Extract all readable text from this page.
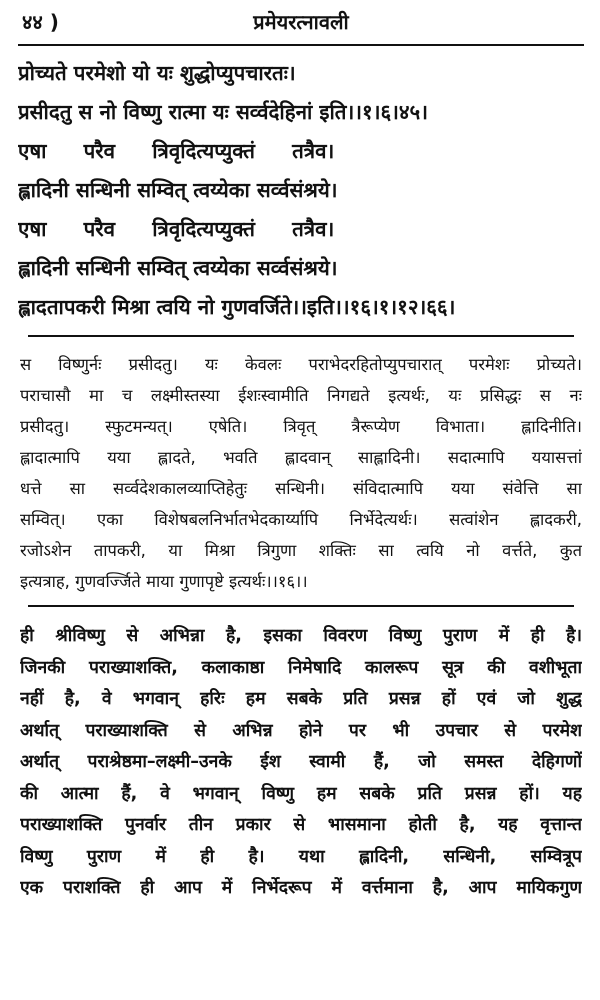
४४ )	प्रमेयरत्नावली
प्रोच्यते परमेशो यो यः शुद्धोप्युपचारतः।
प्रसीदतु स नो विष्णु रात्मा यः सर्व्वदेहिनां इति।।१।६।४५।
एषा परैव त्रिवृदित्यप्युक्तं तत्रैव।
ह्लादिनी सन्धिनी सम्वित् त्वय्येका सर्व्वसंश्रये।
एषा परैव त्रिवृदित्यप्युक्तं तत्रैव।
ह्लादिनी सन्धिनी सम्वित् त्वय्येका सर्व्वसंश्रये।
ह्लादतापकरी मिश्रा त्वयि नो गुणवर्जिते।।इति।।१६।१।१२।६६।
स विष्णुर्नः प्रसीदतु। यः केवलः पराभेदरहितोप्युपचारात् परमेशः प्रोच्यते।
पराचासौ मा च लक्ष्मीस्तस्या ईशःस्वामीति निगद्यते इत्यर्थः, यः प्रसिद्धः स नः
प्रसीदतु। स्फुटमन्यत्। एषेति। त्रिवृत् त्रैरूप्येण विभाता। ह्लादिनीति।
ह्लादात्मापि यया ह्लादते, भवति ह्लादवान् साह्लादिनी। सदात्मापि ययासत्तां
धत्ते सा सर्व्वदेशकालव्याप्तिहेतुः सन्धिनी। संविदात्मापि यया संवेत्ति सा
सम्वित्। एका विशेषबलनिर्भातभेदकार्य्यापि निर्भेदेत्यर्थः। सत्वांशेन ह्लादकरी,
रजोऽशेन तापकरी, या मिश्रा त्रिगुणा शक्तिः सा त्वयि नो वर्त्तते, कुत
इत्यत्राह, गुणवर्ज्जिते माया गुणापृष्टे इत्यर्थः।।१६।।
ही श्रीविष्णु से अभिन्ना है, इसका विवरण विष्णु पुराण में ही है।
जिनकी पराख्याशक्ति, कलाकाष्ठा निमेषादि कालरूप सूत्र की वशीभूता
नहीं है, वे भगवान् हरिः हम सबके प्रति प्रसन्न हों एवं जो शुद्ध
अर्थात् पराख्याशक्ति से अभिन्न होने पर भी उपचार से परमेश
अर्थात् पराश्रेष्ठमा–लक्ष्मी–उनके ईश स्वामी हैं, जो समस्त देहिगणों
की आत्मा हैं, वे भगवान् विष्णु हम सबके प्रति प्रसन्न हों। यह
पराख्याशक्ति पुनर्वार तीन प्रकार से भासमाना होती है, यह वृत्तान्त
विष्णु पुराण में ही है। यथा ह्लादिनी, सन्धिनी, सम्वित्रूप
एक पराशक्ति ही आप में निर्भेदरूप में वर्त्तमाना है, आप मायिकगुण
